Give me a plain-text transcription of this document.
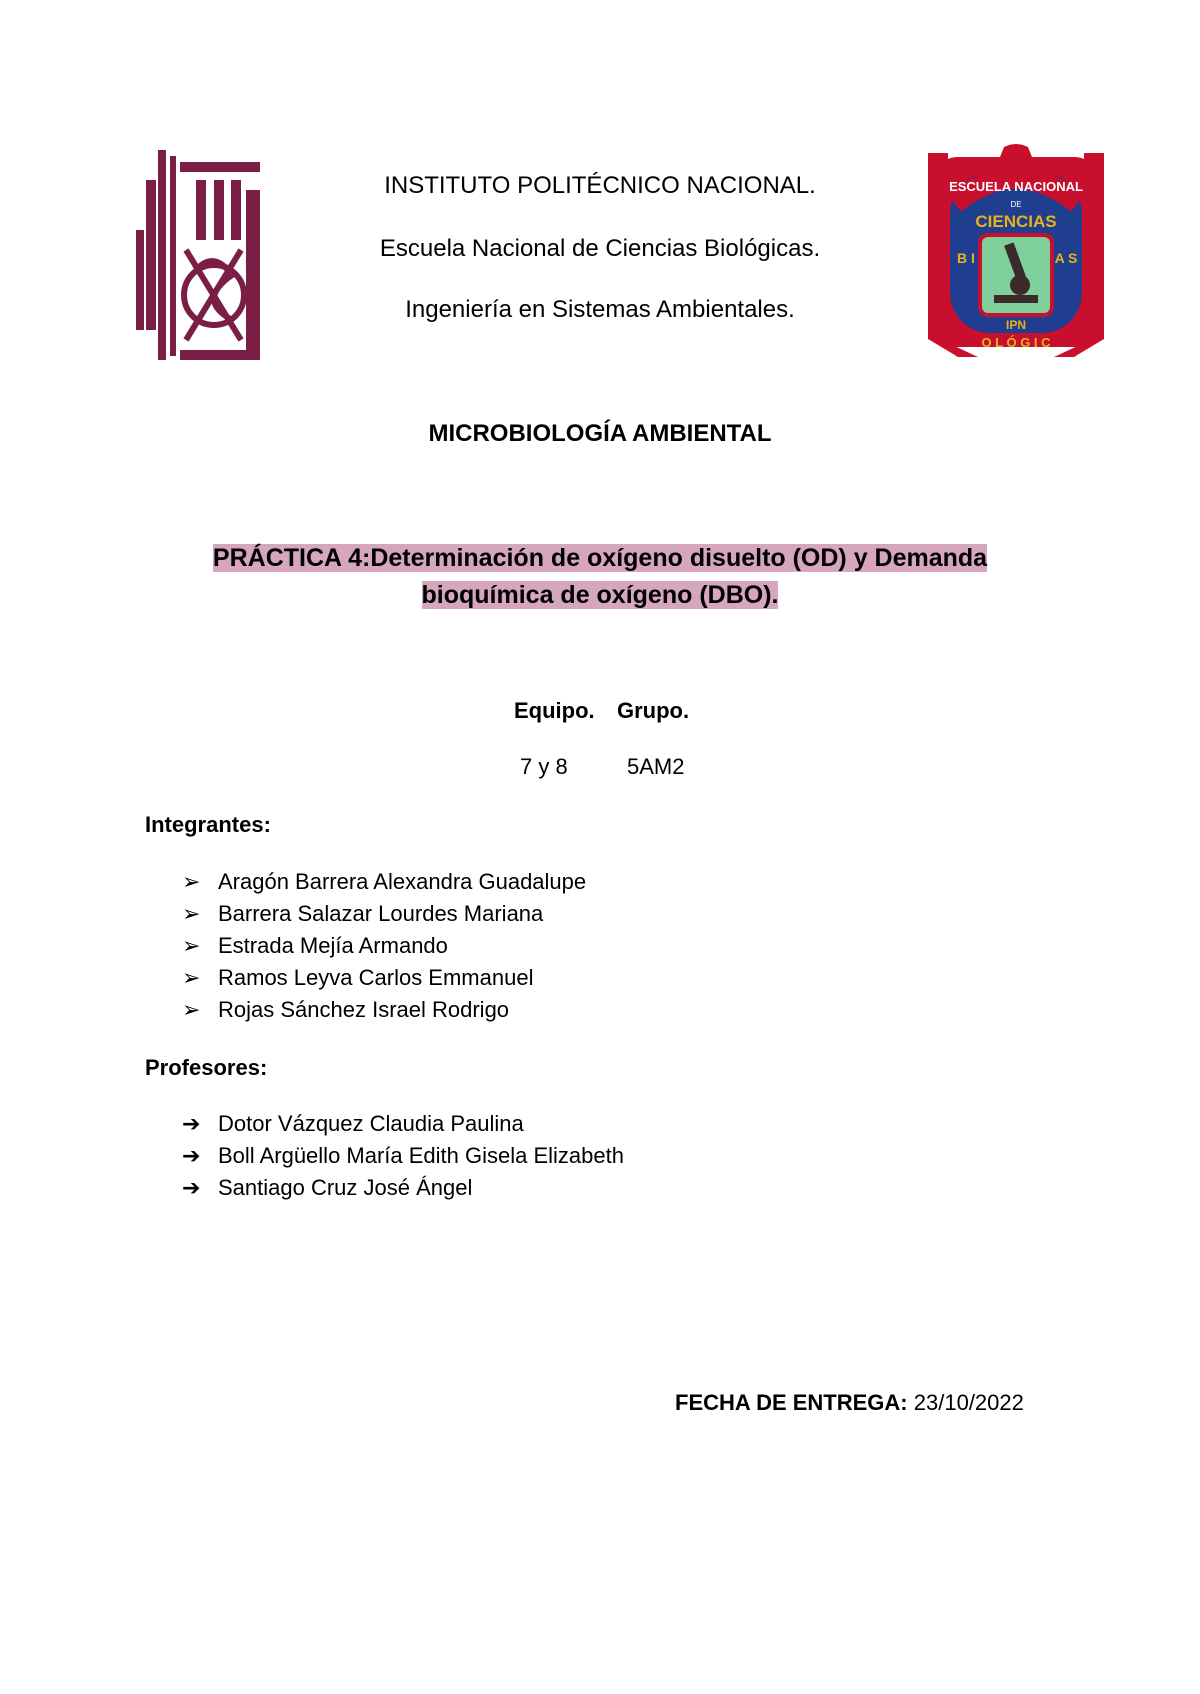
ESCUELA NACIONAL
DE
CIENCIAS
IPN
B I	A S
O L Ó G I C
INSTITUTO POLITÉCNICO NACIONAL.
Escuela Nacional de Ciencias Biológicas.
Ingeniería en Sistemas Ambientales.
MICROBIOLOGÍA AMBIENTAL
PRÁCTICA 4:Determinación de oxígeno disuelto (OD) y Demanda
bioquímica de oxígeno (DBO).
Equipo. Grupo.
7 y 8	5AM2
Integrantes:
➢ Aragón Barrera Alexandra Guadalupe
➢ Barrera Salazar Lourdes Mariana
➢ Estrada Mejía Armando
➢ Ramos Leyva Carlos Emmanuel
➢ Rojas Sánchez Israel Rodrigo
Profesores:
➔ Dotor Vázquez Claudia Paulina
➔ Boll Argüello María Edith Gisela Elizabeth
➔ Santiago Cruz José Ángel
FECHA DE ENTREGA: 23/10/2022
